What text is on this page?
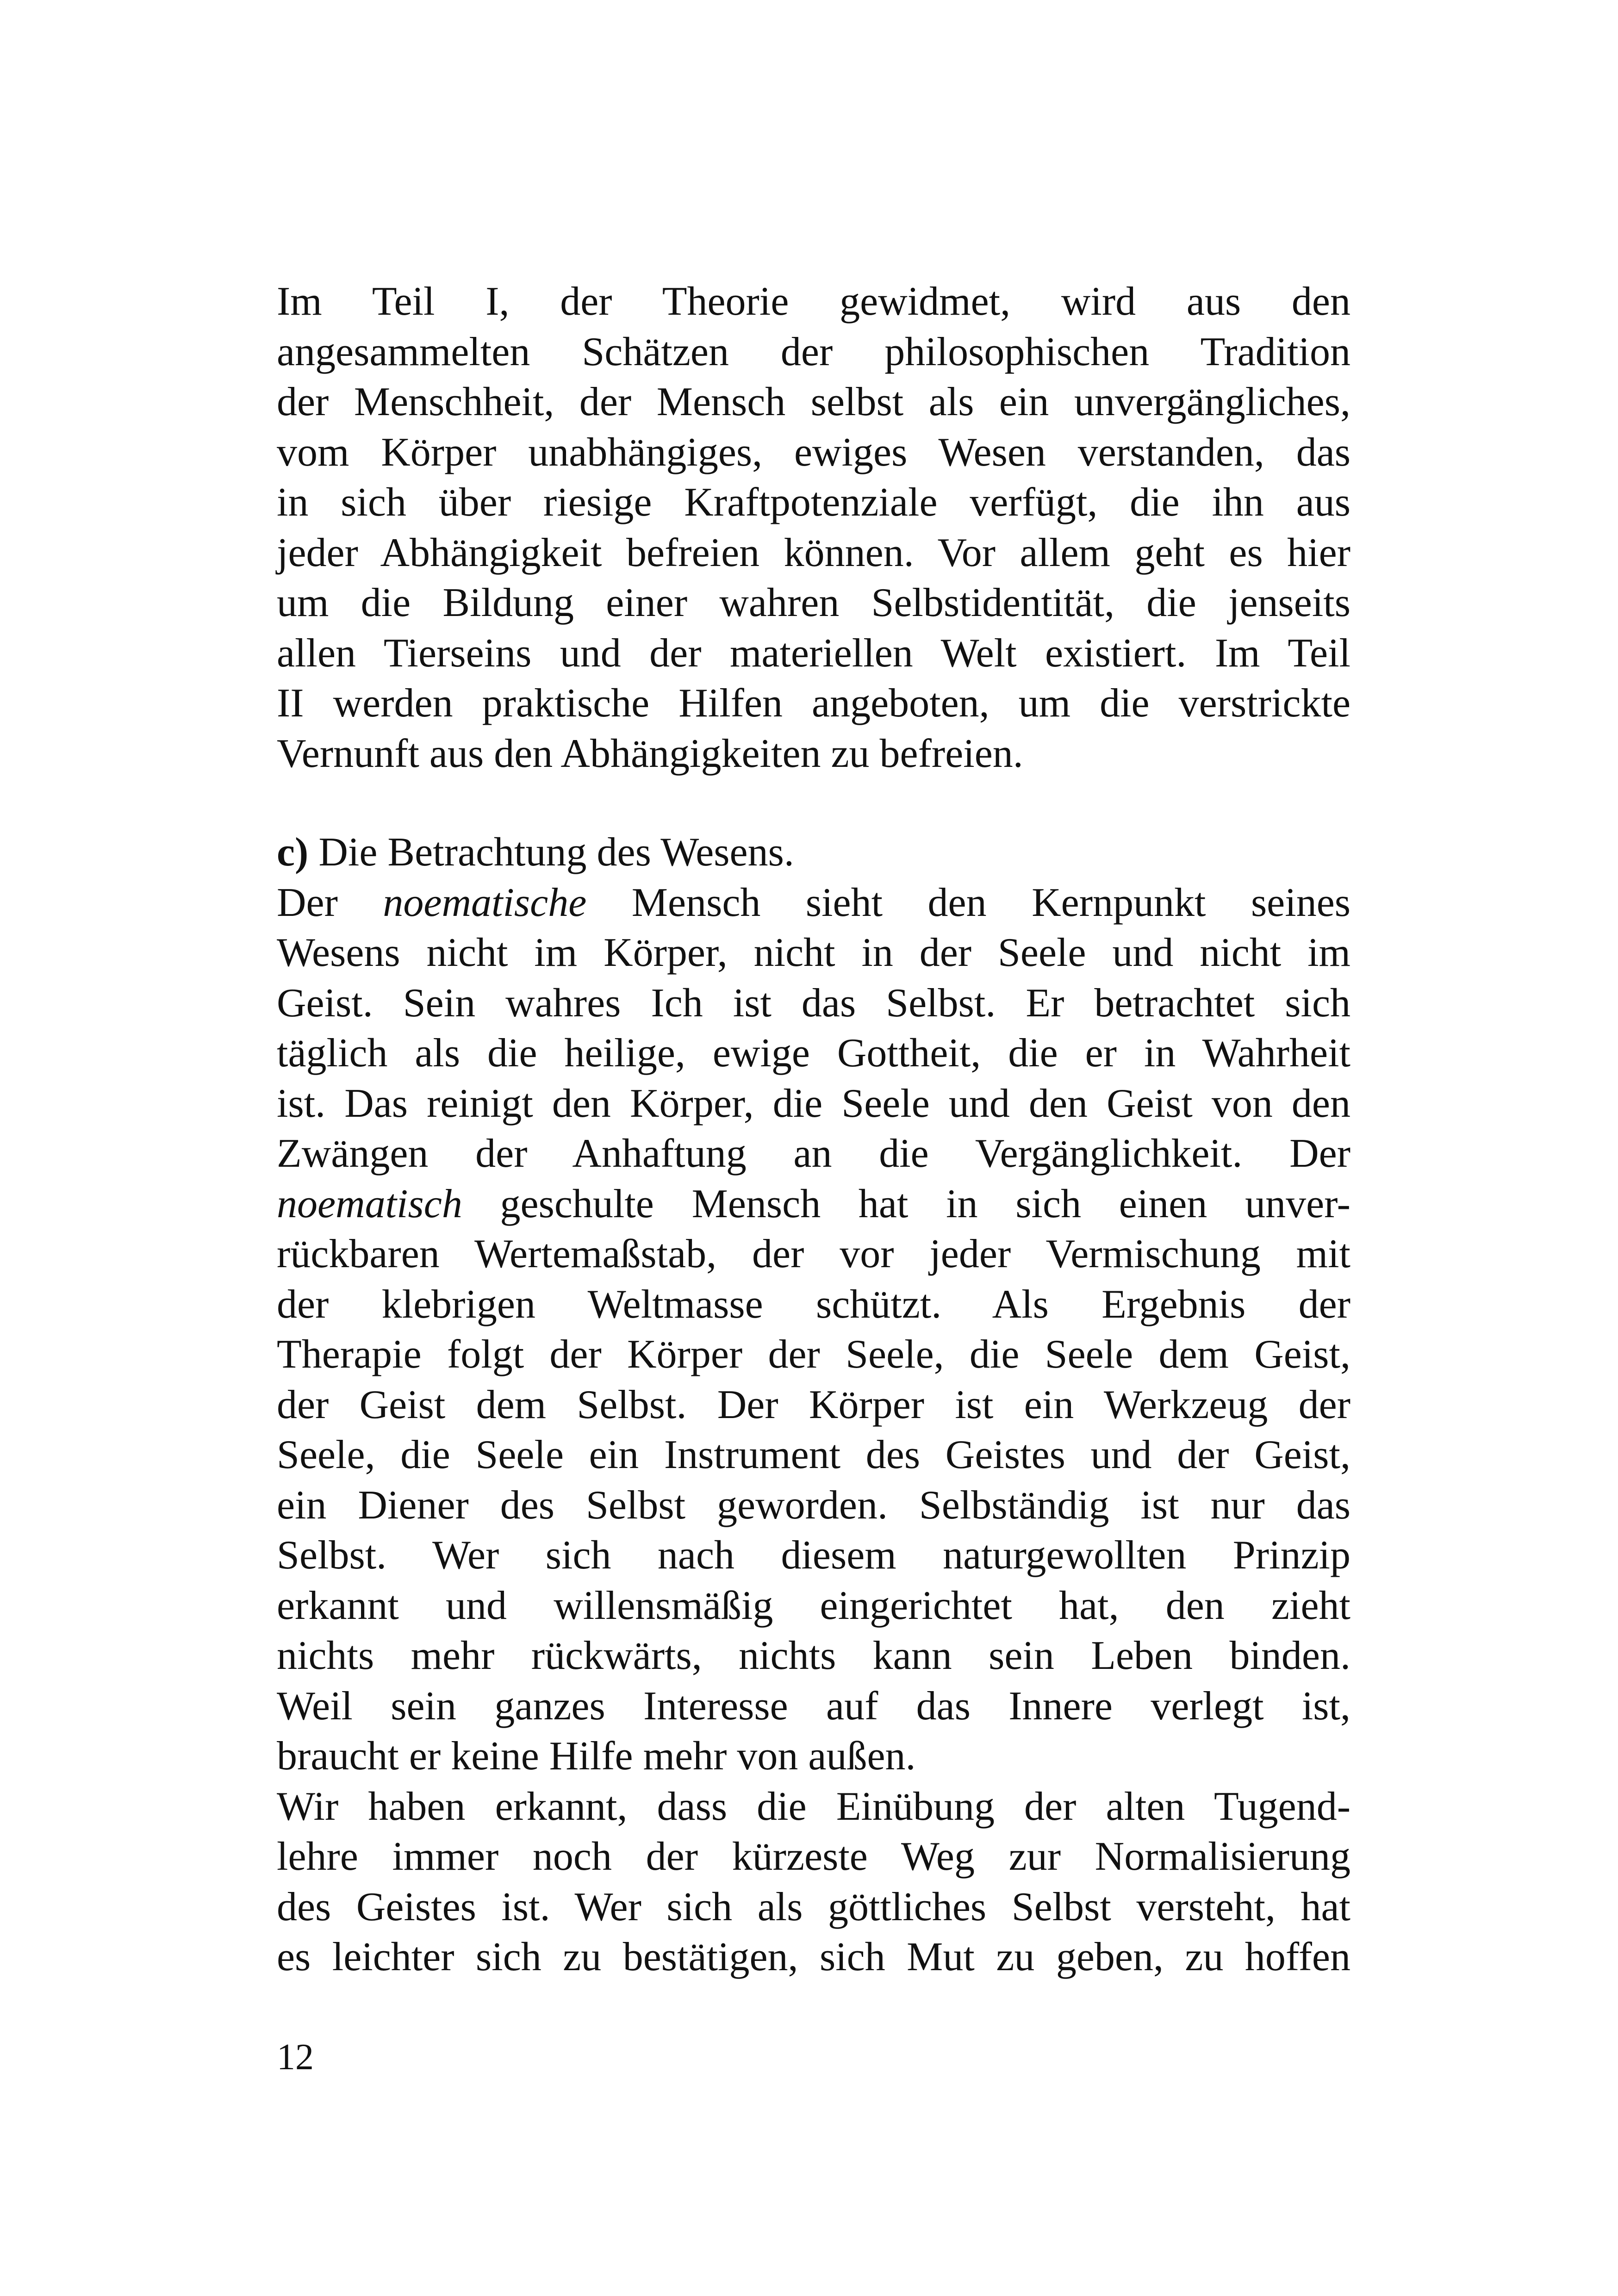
Im Teil I, der Theorie gewidmet, wird aus den
angesammelten Schätzen der philosophischen Tradition
der Menschheit, der Mensch selbst als ein unvergängliches,
vom Körper unabhängiges, ewiges Wesen verstanden, das
in sich über riesige Kraftpotenziale verfügt, die ihn aus
jeder Abhängigkeit befreien können. Vor allem geht es hier
um die Bildung einer wahren Selbstidentität, die jenseits
allen Tierseins und der materiellen Welt existiert. Im Teil
II werden praktische Hilfen angeboten, um die verstrickte
Vernunft aus den Abhängigkeiten zu befreien.
c) Die Betrachtung des Wesens.
Der noematische Mensch sieht den Kernpunkt seines
Wesens nicht im Körper, nicht in der Seele und nicht im
Geist. Sein wahres Ich ist das Selbst. Er betrachtet sich
täglich als die heilige, ewige Gottheit, die er in Wahrheit
ist. Das reinigt den Körper, die Seele und den Geist von den
Zwängen der Anhaftung an die Vergänglichkeit. Der
noematisch geschulte Mensch hat in sich einen unver-
rückbaren Wertemaßstab, der vor jeder Vermischung mit
der klebrigen Weltmasse schützt. Als Ergebnis der
Therapie folgt der Körper der Seele, die Seele dem Geist,
der Geist dem Selbst. Der Körper ist ein Werkzeug der
Seele, die Seele ein Instrument des Geistes und der Geist,
ein Diener des Selbst geworden. Selbständig ist nur das
Selbst. Wer sich nach diesem naturgewollten Prinzip
erkannt und willensmäßig eingerichtet hat, den zieht
nichts mehr rückwärts, nichts kann sein Leben binden.
Weil sein ganzes Interesse auf das Innere verlegt ist,
braucht er keine Hilfe mehr von außen.
Wir haben erkannt, dass die Einübung der alten Tugend-
lehre immer noch der kürzeste Weg zur Normalisierung
des Geistes ist. Wer sich als göttliches Selbst versteht, hat
es leichter sich zu bestätigen, sich Mut zu geben, zu hoffen
12
